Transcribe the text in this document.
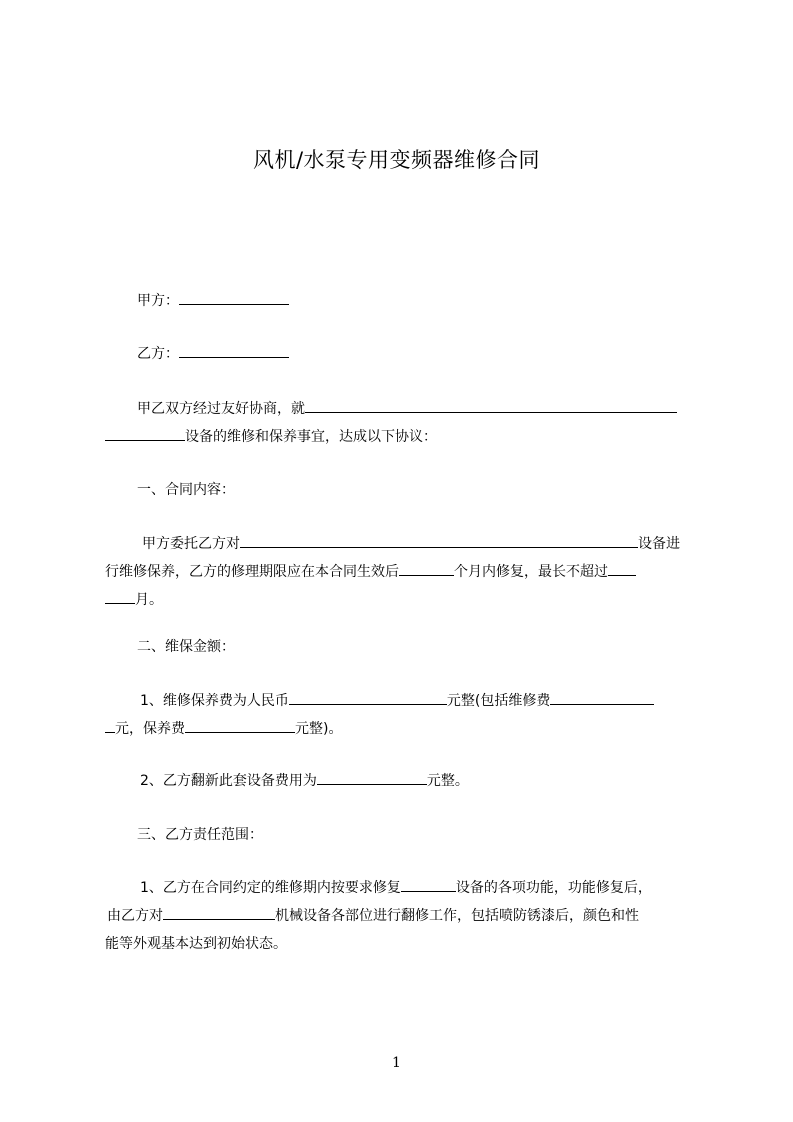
风机/水泵专用变频器维修合同
甲方：
乙方：
甲乙双方经过友好协商，就
设备的维修和保养事宜，达成以下协议：
一、合同内容：
甲方委托乙方对	设备进
行维修保养，乙方的修理期限应在本合同生效后	个月内修复，最长不超过
月。
二、维保金额：
1、维修保养费为人民币	元整(包括维修费
元，保养费	元整)。
2、乙方翻新此套设备费用为	元整。
三、乙方责任范围：
1、乙方在合同约定的维修期内按要求修复	设备的各项功能，功能修复后，
由乙方对	机械设备各部位进行翻修工作，包括喷防锈漆后，颜色和性
能等外观基本达到初始状态。
1
